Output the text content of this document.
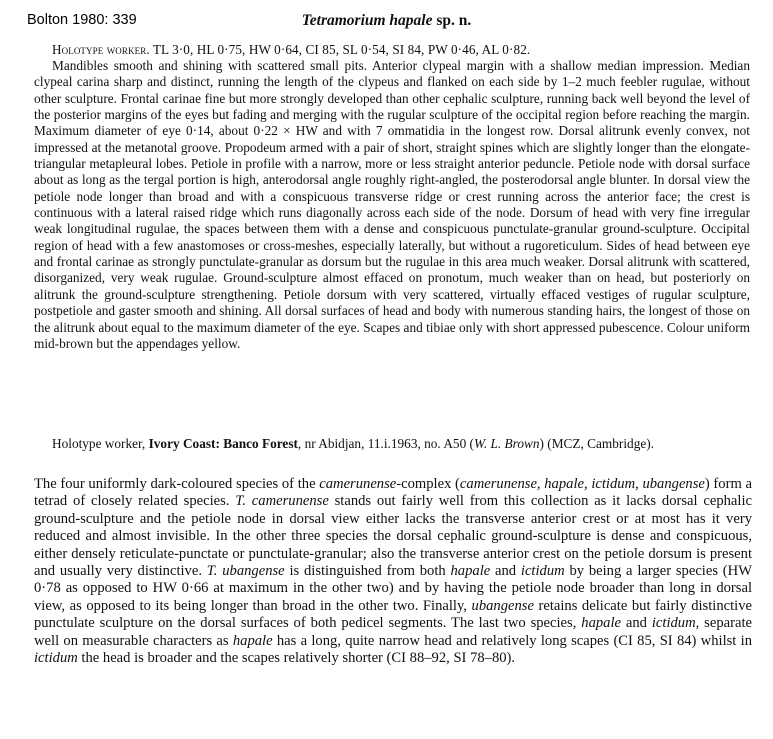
Bolton 1980: 339	Tetramorium hapale sp. n.
Holotype worker. TL 3·0, HL 0·75, HW 0·64, CI 85, SL 0·54, SI 84, PW 0·46, AL 0·82.

Mandibles smooth and shining with scattered small pits. Anterior clypeal margin with a shallow median impression. Median clypeal carina sharp and distinct, running the length of the clypeus and flanked on each side by 1–2 much feebler rugulae, without other sculpture. Frontal carinae fine but more strongly developed than other cephalic sculpture, running back well beyond the level of the posterior margins of the eyes but fading and merging with the rugular sculpture of the occipital region before reaching the margin. Maximum diameter of eye 0·14, about 0·22 × HW and with 7 ommatidia in the longest row. Dorsal alitrunk evenly convex, not impressed at the metanotal groove. Propodeum armed with a pair of short, straight spines which are slightly longer than the elongate-triangular metapleural lobes. Petiole in profile with a narrow, more or less straight anterior peduncle. Petiole node with dorsal surface about as long as the tergal portion is high, anterodorsal angle roughly right-angled, the posterodorsal angle blunter. In dorsal view the petiole node longer than broad and with a conspicuous transverse ridge or crest running across the anterior face; the crest is continuous with a lateral raised ridge which runs diagonally across each side of the node. Dorsum of head with very fine irregular weak longitudinal rugulae, the spaces between them with a dense and conspicuous punctulate-granular ground-sculpture. Occipital region of head with a few anastomoses or cross-meshes, especially laterally, but without a rugoreticulum. Sides of head between eye and frontal carinae as strongly punctulate-granular as dorsum but the rugulae in this area much weaker. Dorsal alitrunk with scattered, disorganized, very weak rugulae. Ground-sculpture almost effaced on pronotum, much weaker than on head, but posteriorly on alitrunk the ground-sculpture strengthening. Petiole dorsum with very scattered, virtually effaced vestiges of rugular sculpture, postpetiole and gaster smooth and shining. All dorsal surfaces of head and body with numerous standing hairs, the longest of those on the alitrunk about equal to the maximum diameter of the eye. Scapes and tibiae only with short appressed pubescence. Colour uniform mid-brown but the appendages yellow.

Holotype worker, Ivory Coast: Banco Forest, nr Abidjan, 11.i.1963, no. A50 (W. L. Brown) (MCZ, Cambridge).

The four uniformly dark-coloured species of the camerunense-complex (camerunense, hapale, ictidum, ubangense) form a tetrad of closely related species. T. camerunense stands out fairly well from this collection as it lacks dorsal cephalic ground-sculpture and the petiole node in dorsal view either lacks the transverse anterior crest or at most has it very reduced and almost invisible. In the other three species the dorsal cephalic ground-sculpture is dense and conspicuous, either densely reticulate-punctate or punctulate-granular; also the transverse anterior crest on the petiole dorsum is present and usually very distinctive. T. ubangense is distinguished from both hapale and ictidum by being a larger species (HW 0·78 as opposed to HW 0·66 at maximum in the other two) and by having the petiole node broader than long in dorsal view, as opposed to its being longer than broad in the other two. Finally, ubangense retains delicate but fairly distinctive punctulate sculpture on the dorsal surfaces of both pedicel segments. The last two species, hapale and ictidum, separate well on measurable characters as hapale has a long, quite narrow head and relatively long scapes (CI 85, SI 84) whilst in ictidum the head is broader and the scapes relatively shorter (CI 88–92, SI 78–80).
